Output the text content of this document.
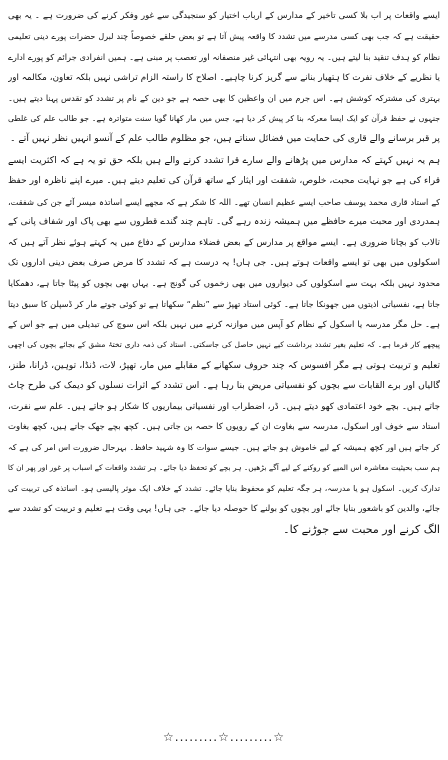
ایسے واقعات پر اب بلا کسی تاخیر کے مدارس کے ارباب اختیار کو سنجیدگی سے غور وفکر کرنے کی ضرورت ہے ۔ یہ بھی
حقیقت ہے کہ جب بھی کسی مدرسے میں تشدد کا واقعہ پیش آتا ہے تو بعض حلقے خصوصاً چند لبرل حضرات پورے دینی تعلیمی
نظام کو ہدف تنقید بنا لیتے ہیں۔ یہ رویہ بھی انتہائی غیر منصفانہ اور تعصب پر مبنی ہے۔ ہمیں انفرادی جرائم کو پورے ادارے
یا نظریے کے خلاف نفرت کا ہتھیار بنانے سے گریز کرنا چاہیے۔ اصلاح کا راستہ الزام تراشی نہیں بلکہ تعاون، مکالمہ اور
بہتری کی مشترکہ کوشش ہے۔ اس جرم میں ان واعظین کا بھی حصہ ہے جو دین کے نام پر تشدد کو تقدس پہنا دیتے ہیں۔
جنہوں نے حفظ قرآن کو ایک ایسا معرکہ بنا کر پیش کر دیا ہے، جس میں مار کھانا گویا سنت متواترہ ہے۔ جو طالب علم کی غلطی
پر قبر برسانے والے قاری کی حمایت میں فضائل سناتے ہیں، جو مظلوم طالب علم کے آنسو انہیں نظر نہیں آتے ۔
ہم یہ نہیں کہتے کہ مدارس میں پڑھانے والے سارے قرا تشدد کرنے والے ہیں بلکہ حق تو یہ ہے کہ اکثریت ایسے
قراء کی ہے جو نہایت محبت، خلوص، شفقت اور ایثار کے ساتھ قرآن کی تعلیم دیتے ہیں۔ میرے اپنے ناظرہ اور حفظ
کے استاد قاری محمد یوسف صاحب ایسے عظیم انسان تھے۔ اللہ کا شکر ہے کہ مجھے ایسے اساتذہ میسر آئے جن کی شفقت،
ہمدردی اور محبت میرے حافظے میں ہمیشہ زندہ رہے گی۔ تاہم چند گندے قطروں سے بھی پاک اور شفاف پانی کے
تالاب کو بچانا ضروری ہے۔ ایسے مواقع پر مدارس کے بعض فضلاء مدارس کے دفاع میں یہ کہتے ہوئے نظر آتے ہیں کہ
اسکولوں میں بھی تو ایسے واقعات ہوتے ہیں۔ جی ہاں! یہ درست ہے کہ تشدد کا مرض صرف بعض دینی اداروں تک
محدود نہیں بلکہ بہت سے اسکولوں کی دیواروں میں بھی زخموں کی گونج ہے۔ یہاں بھی بچوں کو پیٹا جاتا ہے، دھمکایا
جاتا ہے، نفسیاتی اذیتوں میں جھونکا جاتا ہے۔ کوئی استاد تھپڑ سے ”نظم“ سکھاتا ہے تو کوئی جوتے مار کر ڈسپلن کا سبق دیتا
ہے۔ حل مگر مدرسہ یا اسکول کے نظام کو آپس میں موازنہ کرنے میں نہیں بلکہ اس سوچ کی تبدیلی میں ہے جو اس کے
پیچھے کار فرما ہے۔ کہ تعلیم بغیر تشدد برداشت کیے نہیں حاصل کی جاسکتی۔ استاد کی ذمہ داری تختۂ مشق کے بجائے بچوں کی اچھی
تعلیم و تربیت ہوتی ہے مگر افسوس کہ چند حروف سکھانے کے مقابلے میں مار، تھپڑ، لات، ڈنڈا، توہین، ڈرانا، طنز،
گالیاں اور برے القابات سے بچوں کو نفسیاتی مریض بنا رہا ہے۔ اس تشدد کے اثرات نسلوں کو دیمک کی طرح چاٹ
جاتے ہیں۔ بچے خود اعتمادی کھو دیتے ہیں۔ ڈر، اضطراب اور نفسیاتی بیماریوں کا شکار ہو جاتے ہیں۔ علم سے نفرت،
استاد سے خوف اور اسکول، مدرسہ سے بغاوت ان کے رویوں کا حصہ بن جاتی ہیں۔ کچھ بچے جھک جاتے ہیں، کچھ بغاوت
کر جاتے ہیں اور کچھ ہمیشہ کے لیے خاموش ہو جاتے ہیں۔ جیسے سوات کا وہ شہید حافظ۔ بہرحال ضرورت اس امر کی ہے کہ
ہم سب بحیثیت معاشرہ اس المیے کو روکنے کے لیے آگے بڑھیں۔ ہر بچے کو تحفظ دیا جائے۔ ہر تشدد واقعات کے اسباب پر غور اور پھر ان کا
تدارک کریں۔ اسکول ہو یا مدرسہ، ہر جگہ تعلیم کو محفوظ بنایا جائے۔ تشدد کے خلاف ایک موثر پالیسی ہو۔ اساتذہ کی تربیت کی
جائے، والدین کو باشعور بنایا جائے اور بچوں کو بولنے کا حوصلہ دیا جائے۔ جی ہاں! یہی وقت ہے تعلیم و تربیت کو تشدد سے
الگ کرنے اور محبت سے جوڑنے کا۔
☆.........☆.........☆
